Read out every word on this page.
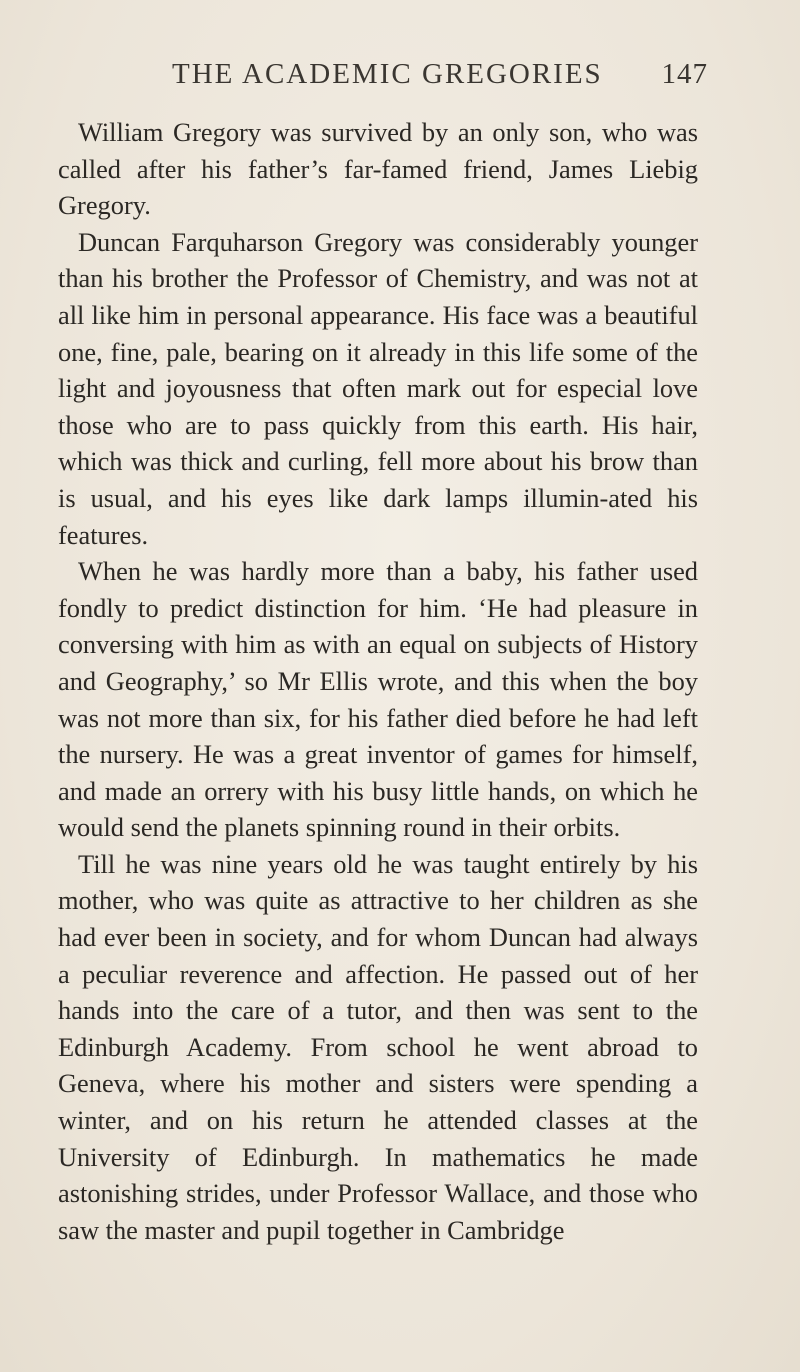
THE ACADEMIC GREGORIES 147

William Gregory was survived by an only son, who was called after his father’s far-famed friend, James Liebig Gregory.

Duncan Farquharson Gregory was considerably younger than his brother the Professor of Chemistry, and was not at all like him in personal appearance. His face was a beautiful one, fine, pale, bearing on it already in this life some of the light and joyousness that often mark out for especial love those who are to pass quickly from this earth. His hair, which was thick and curling, fell more about his brow than is usual, and his eyes like dark lamps illumin-ated his features.

When he was hardly more than a baby, his father used fondly to predict distinction for him. ‘He had pleasure in conversing with him as with an equal on subjects of History and Geography,’ so Mr Ellis wrote, and this when the boy was not more than six, for his father died before he had left the nursery. He was a great inventor of games for himself, and made an orrery with his busy little hands, on which he would send the planets spinning round in their orbits.

Till he was nine years old he was taught entirely by his mother, who was quite as attractive to her children as she had ever been in society, and for whom Duncan had always a peculiar reverence and affection. He passed out of her hands into the care of a tutor, and then was sent to the Edinburgh Academy. From school he went abroad to Geneva, where his mother and sisters were spending a winter, and on his return he attended classes at the University of Edinburgh. In mathematics he made astonishing strides, under Professor Wallace, and those who saw the master and pupil together in Cambridge
